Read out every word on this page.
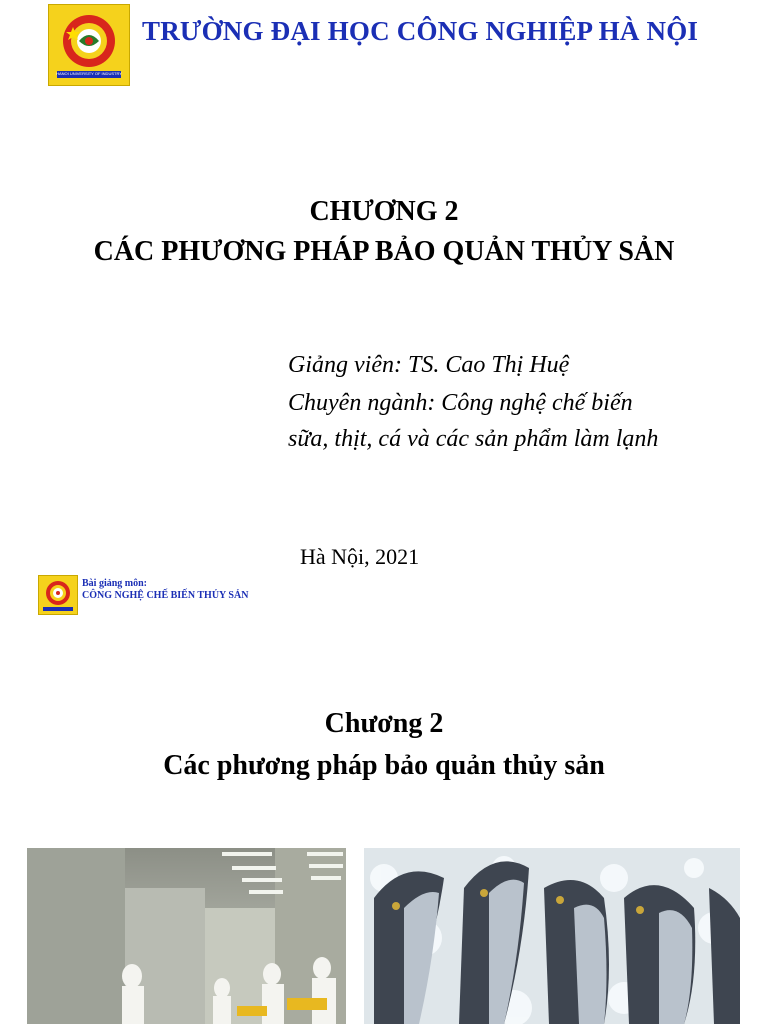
HANOI UNIVERSITY OF INDUSTRY
TRƯỜNG ĐẠI HỌC CÔNG NGHIỆP HÀ NỘI
CHƯƠNG 2
CÁC PHƯƠNG PHÁP BẢO QUẢN THỦY SẢN
Giảng viên: TS. Cao Thị Huệ
Chuyên ngành: Công nghệ chế biến
sữa, thịt, cá và các sản phẩm làm lạnh
Hà Nội, 2021
Bài giảng môn:
CÔNG NGHỆ CHẾ BIẾN THỦY SẢN
Chương 2
Các phương pháp bảo quản thủy sản
